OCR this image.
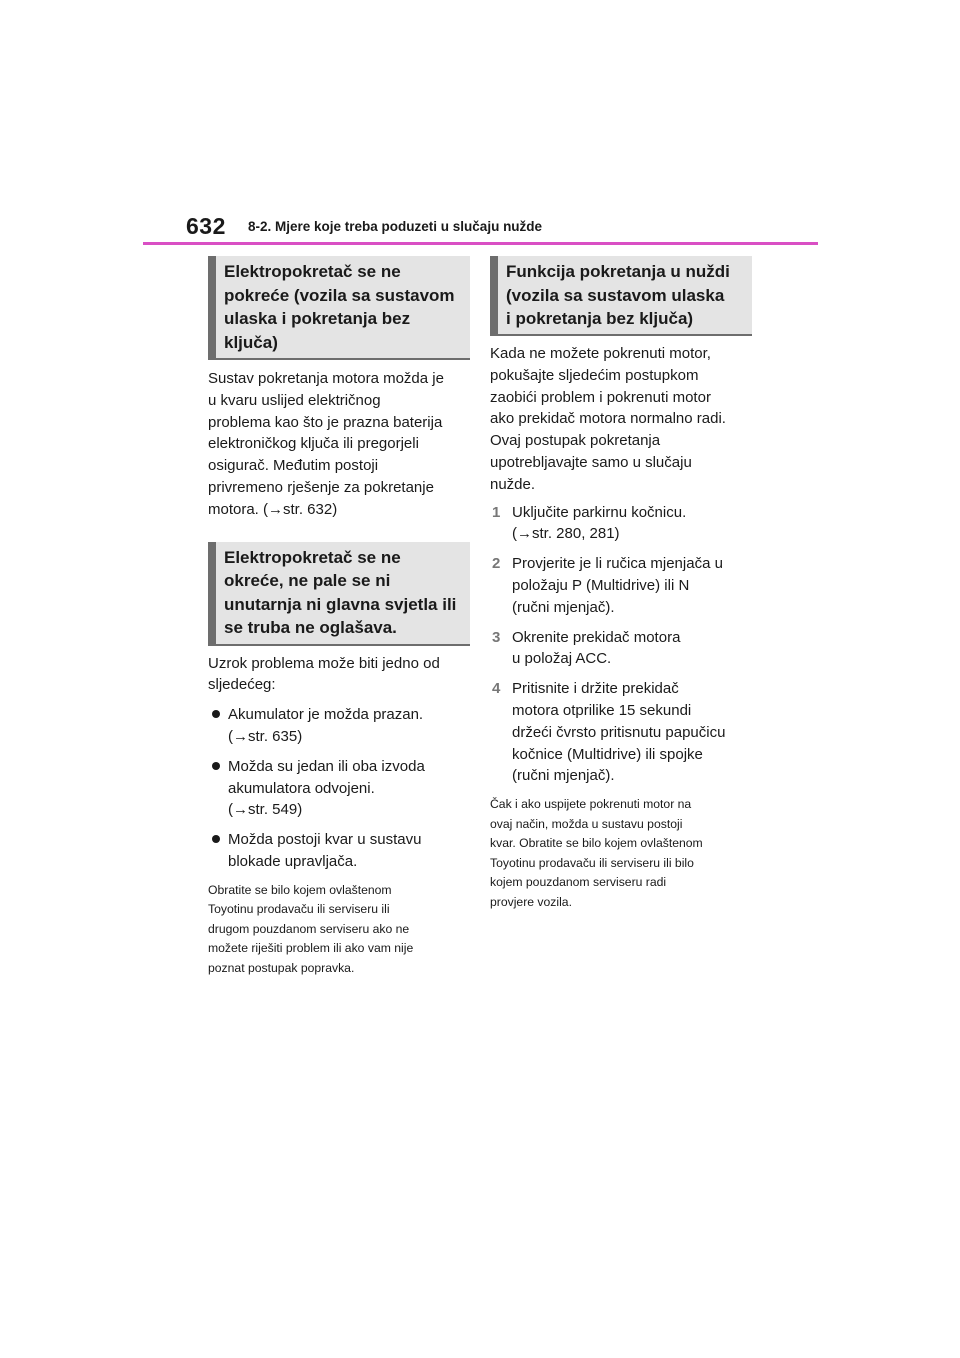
632 8-2. Mjere koje treba poduzeti u slučaju nužde
Elektropokretač se ne
pokreće (vozila sa sustavom
ulaska i pokretanja bez
ključa)
Sustav pokretanja motora možda je
u kvaru uslijed električnog
problema kao što je prazna baterija
elektroničkog ključa ili pregorjeli
osigurač. Međutim postoji
privremeno rješenje za pokretanje
motora. (→str. 632)
Elektropokretač se ne
okreće, ne pale se ni
unutarnja ni glavna svjetla ili
se truba ne oglašava.
Uzrok problema može biti jedno od
sljedećeg:
Akumulator je možda prazan.
(→str. 635)
Možda su jedan ili oba izvoda
akumulatora odvojeni.
(→str. 549)
Možda postoji kvar u sustavu
blokade upravljača.
Obratite se bilo kojem ovlaštenom
Toyotinu prodavaču ili serviseru ili
drugom pouzdanom serviseru ako ne
možete riješiti problem ili ako vam nije
poznat postupak popravka.
Funkcija pokretanja u nuždi
(vozila sa sustavom ulaska
i pokretanja bez ključa)
Kada ne možete pokrenuti motor,
pokušajte sljedećim postupkom
zaobići problem i pokrenuti motor
ako prekidač motora normalno radi.
Ovaj postupak pokretanja
upotrebljavajte samo u slučaju
nužde.
1 Uključite parkirnu kočnicu.
(→str. 280, 281)
2 Provjerite je li ručica mjenjača u
položaju P (Multidrive) ili N
(ručni mjenjač).
3 Okrenite prekidač motora
u položaj ACC.
4 Pritisnite i držite prekidač
motora otprilike 15 sekundi
držeći čvrsto pritisnutu papučicu
kočnice (Multidrive) ili spojke
(ručni mjenjač).
Čak i ako uspijete pokrenuti motor na
ovaj način, možda u sustavu postoji
kvar. Obratite se bilo kojem ovlaštenom
Toyotinu prodavaču ili serviseru ili bilo
kojem pouzdanom serviseru radi
provjere vozila.
